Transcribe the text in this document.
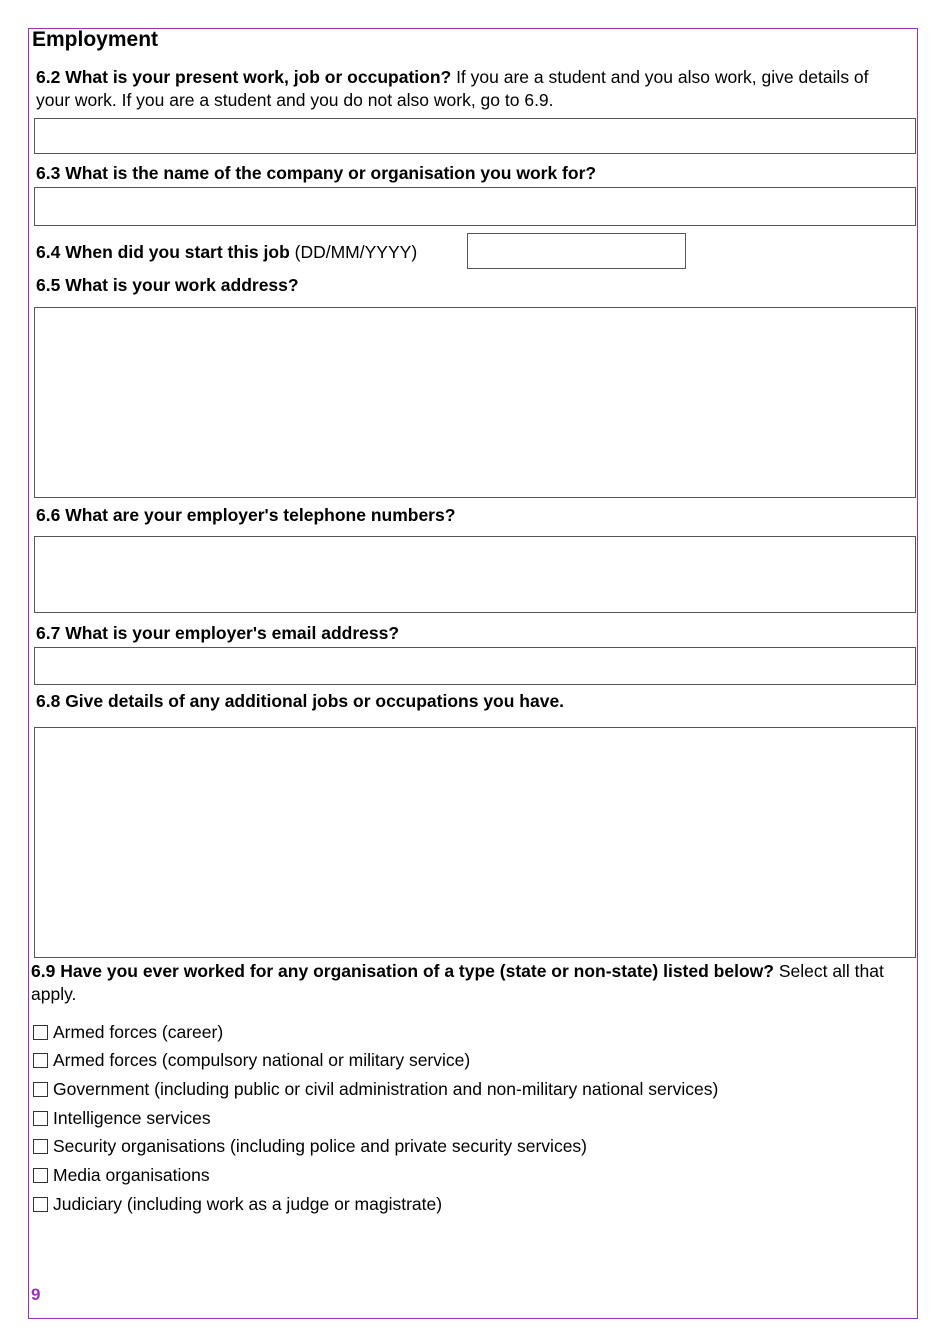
Employment
6.2 What is your present work, job or occupation? If you are a student and you also work, give details of your work. If you are a student and you do not also work, go to 6.9.
6.3 What is the name of the company or organisation you work for?
6.4 When did you start this job (DD/MM/YYYY)
6.5 What is your work address?
6.6 What are your employer's telephone numbers?
6.7 What is your employer's email address?
6.8 Give details of any additional jobs or occupations you have.
6.9 Have you ever worked for any organisation of a type (state or non-state) listed below? Select all that apply.
Armed forces (career)
Armed forces (compulsory national or military service)
Government (including public or civil administration and non-military national services)
Intelligence services
Security organisations (including police and private security services)
Media organisations
Judiciary (including work as a judge or magistrate)
9
